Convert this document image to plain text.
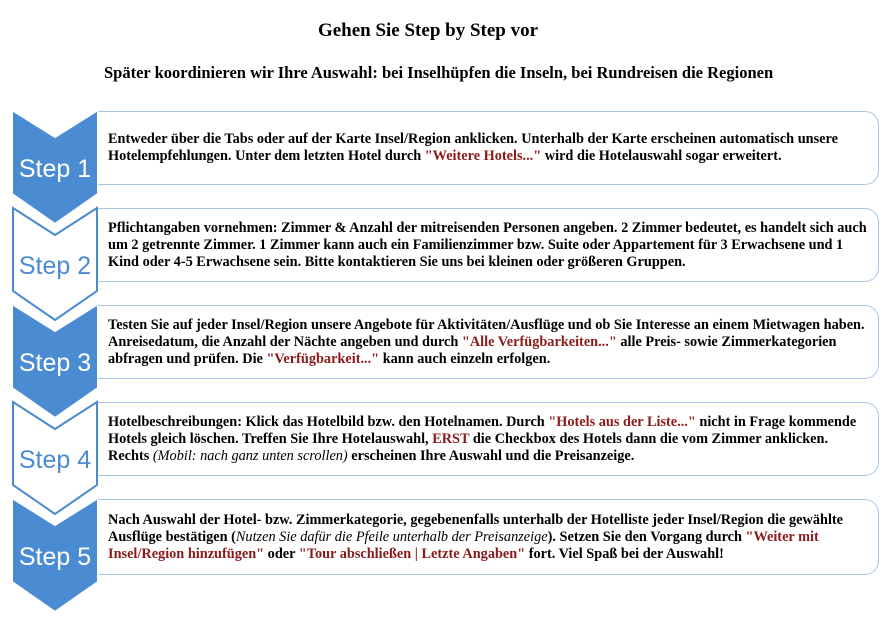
Gehen Sie Step by Step vor
Später koordinieren wir Ihre Auswahl: bei Inselhüpfen die Inseln, bei Rundreisen die Regionen
Step 1

Entweder über die Tabs oder auf der Karte Insel/Region anklicken. Unterhalb der Karte erscheinen automatisch unsere Hotelempfehlungen. Unter dem letzten Hotel durch "Weitere Hotels..." wird die Hotelauswahl sogar erweitert.

Step 2

Pflichtangaben vornehmen: Zimmer & Anzahl der mitreisenden Personen angeben. 2 Zimmer bedeutet, es handelt sich auch um 2 getrennte Zimmer. 1 Zimmer kann auch ein Familienzimmer bzw. Suite oder Appartement für 3 Erwachsene und 1 Kind oder 4-5 Erwachsene sein. Bitte kontaktieren Sie uns bei kleinen oder größeren Gruppen.

Step 3

Testen Sie auf jeder Insel/Region unsere Angebote für Aktivitäten/Ausflüge und ob Sie Interesse an einem Mietwagen haben. Anreisedatum, die Anzahl der Nächte angeben und durch "Alle Verfügbarkeiten..." alle Preis- sowie Zimmerkategorien abfragen und prüfen. Die "Verfügbarkeit..." kann auch einzeln erfolgen.

Step 4

Hotelbeschreibungen: Klick das Hotelbild bzw. den Hotelnamen. Durch "Hotels aus der Liste..." nicht in Frage kommende Hotels gleich löschen. Treffen Sie Ihre Hotelauswahl, ERST die Checkbox des Hotels dann die vom Zimmer anklicken. Rechts (Mobil: nach ganz unten scrollen) erscheinen Ihre Auswahl und die Preisanzeige.

Step 5

Nach Auswahl der Hotel- bzw. Zimmerkategorie, gegebenenfalls unterhalb der Hotelliste jeder Insel/Region die gewählte Ausflüge bestätigen (Nutzen Sie dafür die Pfeile unterhalb der Preisanzeige). Setzen Sie den Vorgang durch "Weiter mit Insel/Region hinzufügen" oder "Tour abschließen | Letzte Angaben" fort. Viel Spaß bei der Auswahl!
